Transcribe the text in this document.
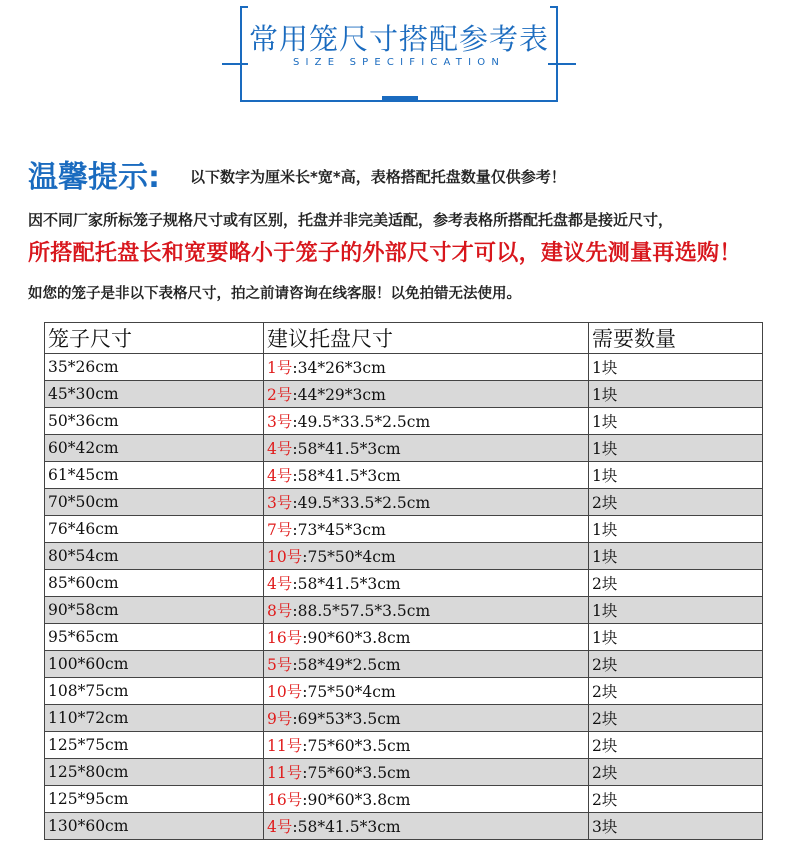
常用笼尺寸搭配参考表
SIZE SPECIFICATION
温馨提示: 以下数字为厘米长*宽*高，表格搭配托盘数量仅供参考！
因不同厂家所标笼子规格尺寸或有区别，托盘并非完美适配，参考表格所搭配托盘都是接近尺寸，
所搭配托盘长和宽要略小于笼子的外部尺寸才可以，建议先测量再选购！
如您的笼子是非以下表格尺寸，拍之前请咨询在线客服！以免拍错无法使用。
笼子尺寸	建议托盘尺寸	需要数量
35*26cm	1号:34*26*3cm	1块
45*30cm	2号:44*29*3cm	1块
50*36cm	3号:49.5*33.5*2.5cm	1块
60*42cm	4号:58*41.5*3cm	1块
61*45cm	4号:58*41.5*3cm	1块
70*50cm	3号:49.5*33.5*2.5cm	2块
76*46cm	7号:73*45*3cm	1块
80*54cm	10号:75*50*4cm	1块
85*60cm	4号:58*41.5*3cm	2块
90*58cm	8号:88.5*57.5*3.5cm	1块
95*65cm	16号:90*60*3.8cm	1块
100*60cm	5号:58*49*2.5cm	2块
108*75cm	10号:75*50*4cm	2块
110*72cm	9号:69*53*3.5cm	2块
125*75cm	11号:75*60*3.5cm	2块
125*80cm	11号:75*60*3.5cm	2块
125*95cm	16号:90*60*3.8cm	2块
130*60cm	4号:58*41.5*3cm	3块
